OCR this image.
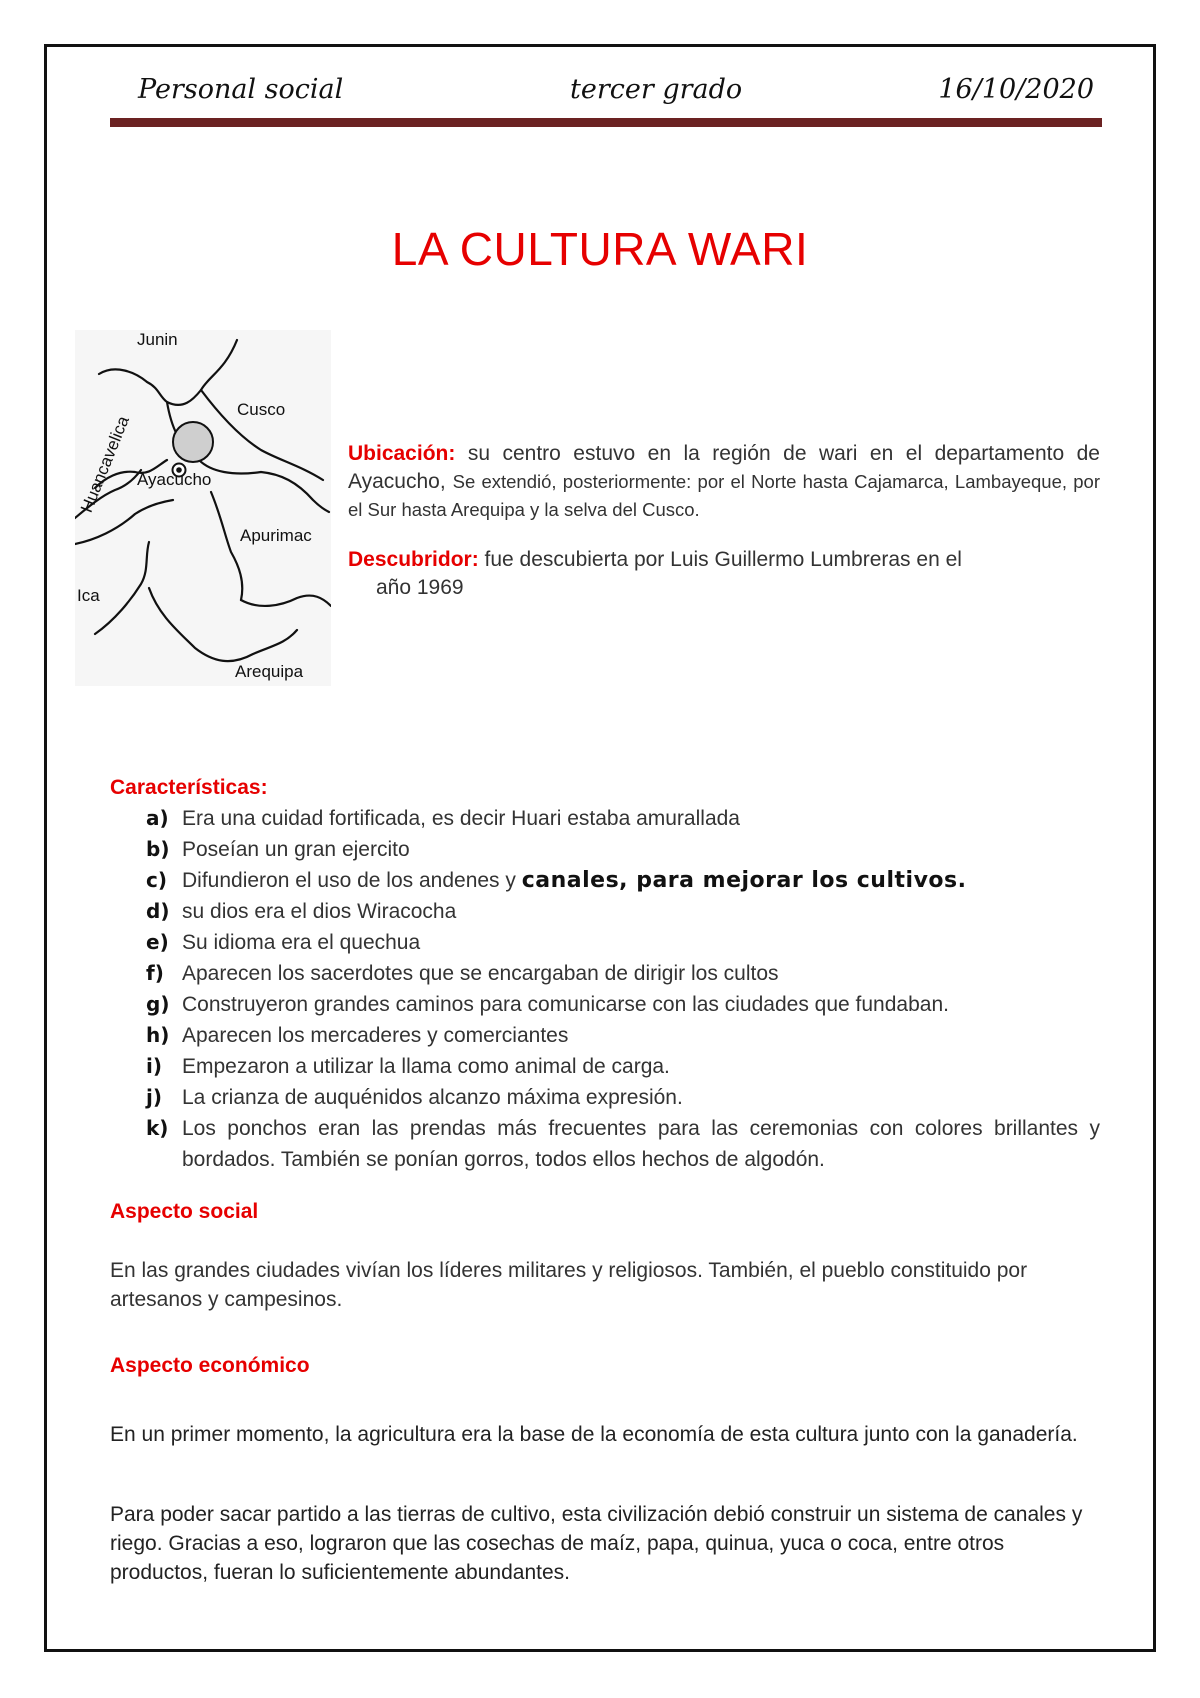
Personal social	tercer grado	16/10/2020
LA CULTURA WARI
Junin
Cusco
Huancavelica Ayacucho
Apurimac
Ica
Arequipa

Ubicación: su centro estuvo en la región de wari en el departamento de Ayacucho, Se extendió, posteriormente: por el Norte hasta Cajamarca, Lambayeque, por el Sur hasta Arequipa y la selva del Cusco.

Descubridor: fue descubierta por Luis Guillermo Lumbreras en el
año 1969

Características:
a) Era una cuidad fortificada, es decir Huari estaba amurallada
b) Poseían un gran ejercito
c) Difundieron el uso de los andenes y canales, para mejorar los cultivos.
d) su dios era el dios Wiracocha
e) Su idioma era el quechua
f) Aparecen los sacerdotes que se encargaban de dirigir los cultos
g) Construyeron grandes caminos para comunicarse con las ciudades que fundaban.
h) Aparecen los mercaderes y comerciantes
i) Empezaron a utilizar la llama como animal de carga.
j) La crianza de auquénidos alcanzo máxima expresión.
k) Los ponchos eran las prendas más frecuentes para las ceremonias con colores brillantes y bordados. También se ponían gorros, todos ellos hechos de algodón.
Aspecto social
En las grandes ciudades vivían los líderes militares y religiosos. También, el pueblo constituido por artesanos y campesinos.
Aspecto económico
En un primer momento, la agricultura era la base de la economía de esta cultura junto con la ganadería.
Para poder sacar partido a las tierras de cultivo, esta civilización debió construir un sistema de canales y riego. Gracias a eso, lograron que las cosechas de maíz, papa, quinua, yuca o coca, entre otros productos, fueran lo suficientemente abundantes.
